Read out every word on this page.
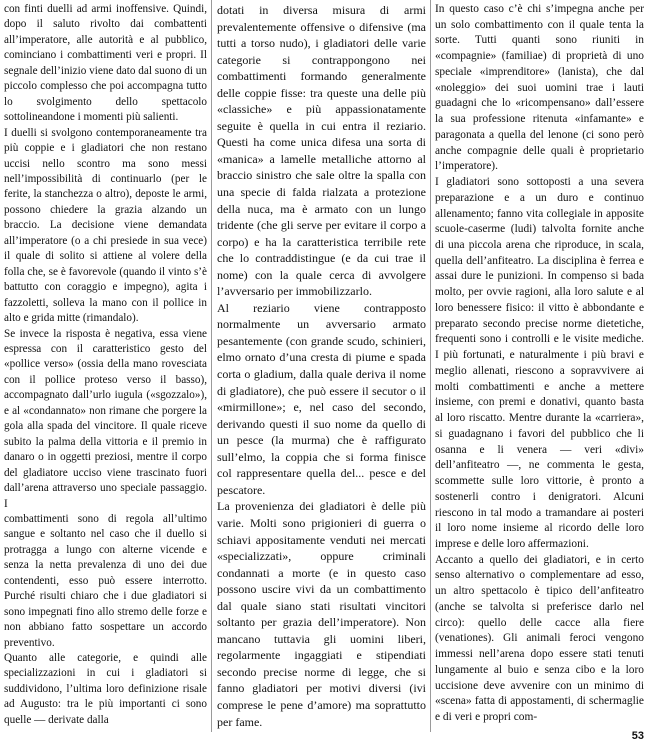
con finti duelli ad armi inoffensive. Quindi, dopo il saluto rivolto dai combattenti all’imperatore, alle autorità e al pubblico, cominciano i combattimenti veri e propri. Il segnale dell’inizio viene dato dal suono di un piccolo complesso che poi accompagna tutto lo svolgimento dello spettacolo sottolineandone i momenti più salienti.

I duelli si svolgono contemporaneamente tra più coppie e i gladiatori che non restano uccisi nello scontro ma sono messi nell’impossibilità di continuarlo (per le ferite, la stanchezza o altro), deposte le armi, possono chiedere la grazia alzando un braccio. La decisione viene demandata all’imperatore (o a chi presiede in sua vece) il quale di solito si attiene al volere della folla che, se è favorevole (quando il vinto s’è battutto con coraggio e impegno), agita i fazzoletti, solleva la mano con il pollice in alto e grida mitte (rimandalo).

Se invece la risposta è negativa, essa viene espressa con il caratteristico gesto del «pollice verso» (ossia della mano rovesciata con il pollice proteso verso il basso), accompagnato dall’urlo iugula («sgozzalo»), e al «condannato» non rimane che porgere la gola alla spada del vincitore. Il quale riceve subito la palma della vittoria e il premio in danaro o in oggetti preziosi, mentre il corpo del gladiatore ucciso viene trascinato fuori dall’arena attraverso uno speciale passaggio. I

combattimenti sono di regola all’ultimo sangue e soltanto nel caso che il duello si protragga a lungo con alterne vicende e senza la netta prevalenza di uno dei due contendenti, esso può essere interrotto. Purché risulti chiaro che i due gladiatori si sono impegnati fino allo stremo delle forze e non abbiano fatto sospettare un accordo preventivo.

Quanto alle categorie, e quindi alle specializzazioni in cui i gladiatori si suddividono, l’ultima loro definizione risale ad Augusto: tra le più importanti ci sono quelle — derivate dalla

dotati in diversa misura di armi prevalentemente offensive o difensive (ma tutti a torso nudo), i gladiatori delle varie categorie si contrappongono nei combattimenti formando generalmente delle coppie fisse: tra queste una delle più «classiche» e più appassionatamente seguite è quella in cui entra il reziario. Questi ha come unica difesa una sorta di «manica» a lamelle metalliche attorno al braccio sinistro che sale oltre la spalla con una specie di falda rialzata a protezione della nuca, ma è armato con un lungo tridente (che gli serve per evitare il corpo a corpo) e ha la caratteristica terribile rete che lo contraddistingue (e da cui trae il nome) con la quale cerca di avvolgere l’avversario per immobilizzarlo.

Al reziario viene contrapposto normalmente un avversario armato pesantemente (con grande scudo, schinieri, elmo ornato d’una cresta di piume e spada corta o gladium, dalla quale deriva il nome di gladiatore), che può essere il secutor o il «mirmillone»; e, nel caso del secondo, derivando questi il suo nome da quello di un pesce (la murma) che è raffigurato sull’elmo, la coppia che si forma finisce col rappresentare quella del... pesce e del pescatore.

La provenienza dei gladiatori è delle più varie. Molti sono prigionieri di guerra o schiavi appositamente venduti nei mercati «specializzati», oppure criminali condannati a morte (e in questo caso possono uscire vivi da un combattimento dal quale siano stati risultati vincitori soltanto per grazia dell’imperatore). Non mancano tuttavia gli uomini liberi, regolarmente ingaggiati e stipendiati secondo precise norme di legge, che si fanno gladiatori per motivi diversi (ivi comprese le pene d’amore) ma soprattutto per fame.

In questo caso c’è chi s’impegna anche per un solo combattimento con il quale tenta la sorte. Tutti quanti sono riuniti in «compagnie» (familiae) di proprietà di uno speciale «imprenditore» (lanista), che dal «noleggio» dei suoi uomini trae i lauti guadagni che lo «ricompensano» dall’essere la sua professione ritenuta «infamante» e paragonata a quella del lenone (ci sono però anche compagnie delle quali è proprietario l’imperatore).

I gladiatori sono sottoposti a una severa preparazione e a un duro e continuo allenamento; fanno vita collegiale in apposite scuole-caserme (ludi) talvolta fornite anche di una piccola arena che riproduce, in scala, quella dell’anfiteatro. La disciplina è ferrea e assai dure le punizioni. In compenso si bada molto, per ovvie ragioni, alla loro salute e al loro benessere fisico: il vitto è abbondante e preparato secondo precise norme dietetiche, frequenti sono i controlli e le visite mediche. I più fortunati, e naturalmente i più bravi e meglio allenati, riescono a sopravvivere ai molti combattimenti e anche a mettere insieme, con premi e donativi, quanto basta al loro riscatto. Mentre durante la «carriera», si guadagnano i favori del pubblico che li osanna e li venera — veri «divi» dell’anfiteatro —, ne commenta le gesta, scommette sulle loro vittorie, è pronto a sostenerli contro i denigratori. Alcuni riescono in tal modo a tramandare ai posteri il loro nome insieme al ricordo delle loro imprese e delle loro affermazioni.

Accanto a quello dei gladiatori, e in certo senso alternativo o complementare ad esso, un altro spettacolo è tipico dell’anfiteatro (anche se talvolta si preferisce darlo nel circo): quello delle cacce alla fiere (venationes). Gli animali feroci vengono immessi nell’arena dopo essere stati tenuti lungamente al buio e senza cibo e la loro uccisione deve avvenire con un minimo di «scena» fatta di appostamenti, di schermaglie e di veri e propri com-

53
